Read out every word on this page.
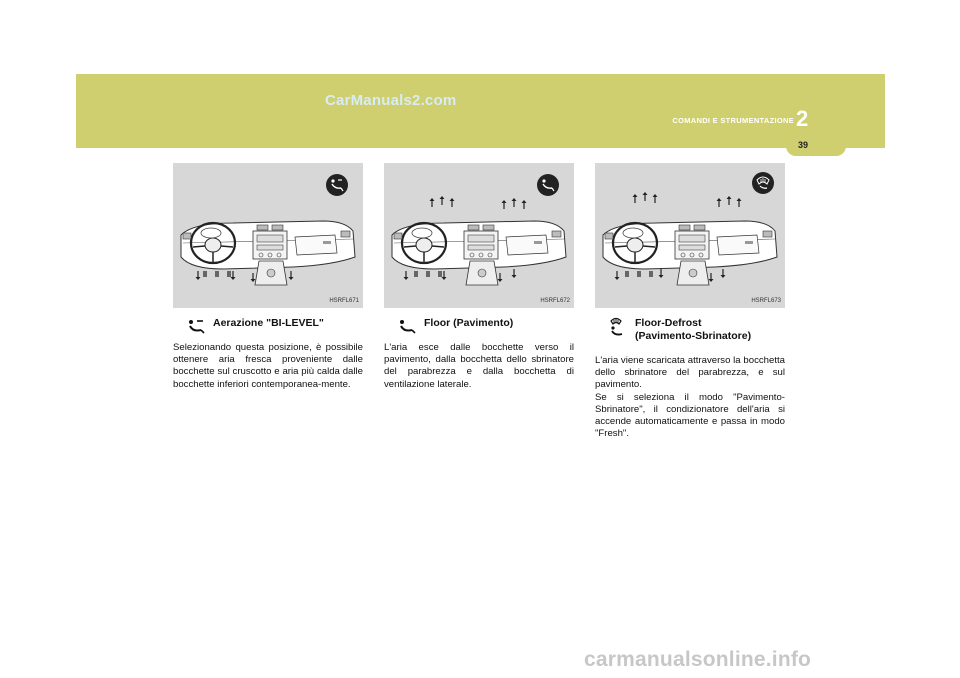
CarManuals2.com
COMANDI E STRUMENTAZIONE 2
39
HSRFL671	HSRFL672	HSRFL673
Aerazione "BI-LEVEL"
Selezionando questa posizione, è possibile ottenere aria fresca proveniente dalle bocchette sul cruscotto e aria più calda dalle bocchette inferiori contemporanea-mente.
Floor (Pavimento)
L'aria esce dalle bocchette verso il pavimento, dalla bocchetta dello sbrinatore del parabrezza e dalla bocchetta di ventilazione laterale.
Floor-Defrost
(Pavimento-Sbrinatore)
L'aria viene scaricata attraverso la bocchetta dello sbrinatore del parabrezza, e sul pavimento.
Se si seleziona il modo "Pavimento-Sbrinatore", il condizionatore dell'aria si accende automaticamente e passa in modo "Fresh".
carmanualsonline.info
